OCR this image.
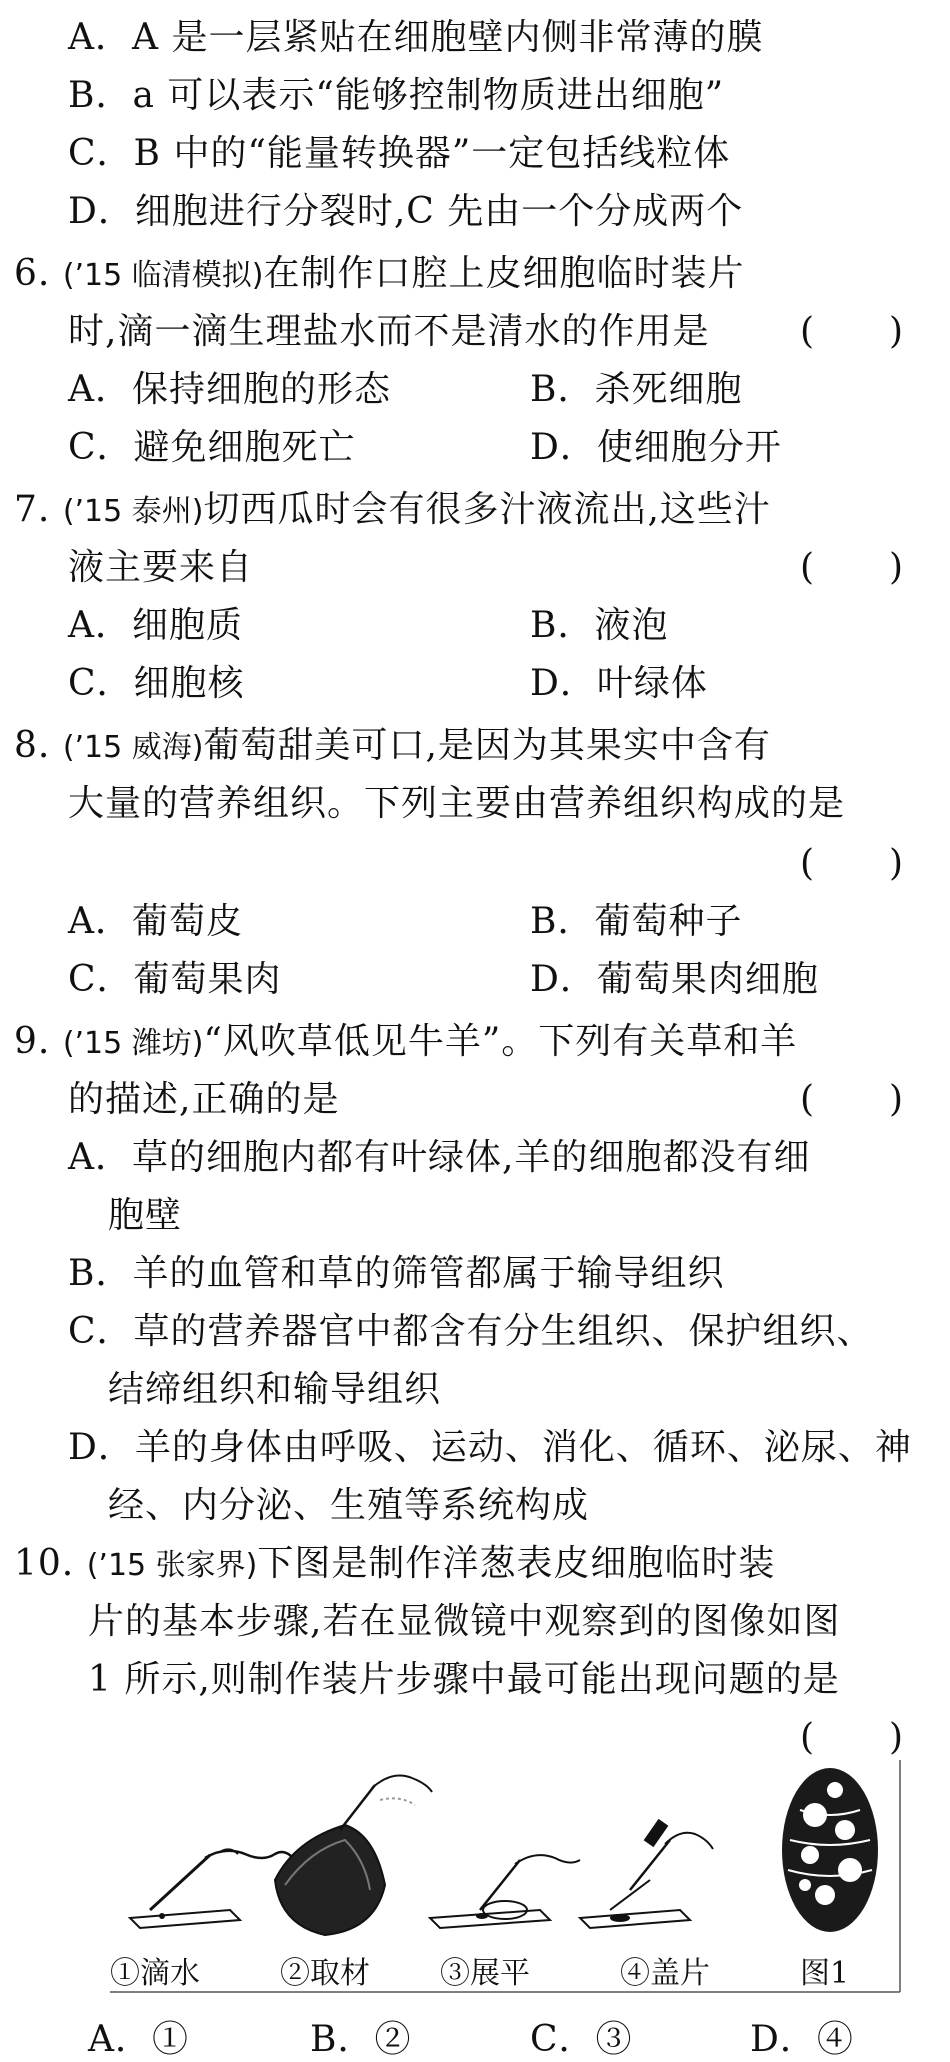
A．A 是一层紧贴在细胞壁内侧非常薄的膜
B．a 可以表示“能够控制物质进出细胞”
C．B 中的“能量转换器”一定包括线粒体
D．细胞进行分裂时,C 先由一个分成两个
6. (’15 临清模拟)在制作口腔上皮细胞临时装片
时,滴一滴生理盐水而不是清水的作用是	(　　)
A．保持细胞的形态	B．杀死细胞
C．避免细胞死亡	D．使细胞分开
7. (’15 泰州)切西瓜时会有很多汁液流出,这些汁
液主要来自	(　　)
A．细胞质	B．液泡
C．细胞核	D．叶绿体
8. (’15 威海)葡萄甜美可口,是因为其果实中含有
大量的营养组织。下列主要由营养组织构成的是
(　　)
A．葡萄皮	B．葡萄种子
C．葡萄果肉	D．葡萄果肉细胞
9. (’15 潍坊)“风吹草低见牛羊”。下列有关草和羊
的描述,正确的是	(　　)
A．草的细胞内都有叶绿体,羊的细胞都没有细
胞壁
B．羊的血管和草的筛管都属于输导组织
C．草的营养器官中都含有分生组织、保护组织、
结缔组织和输导组织
D．羊的身体由呼吸、运动、消化、循环、泌尿、神
经、内分泌、生殖等系统构成
10. (’15 张家界)下图是制作洋葱表皮细胞临时装
片的基本步骤,若在显微镜中观察到的图像如图
1 所示,则制作装片步骤中最可能出现问题的是
(　　)
①滴水	②取材 ③展平	④盖片	图1
A．①	B．②	C．③	D．④
